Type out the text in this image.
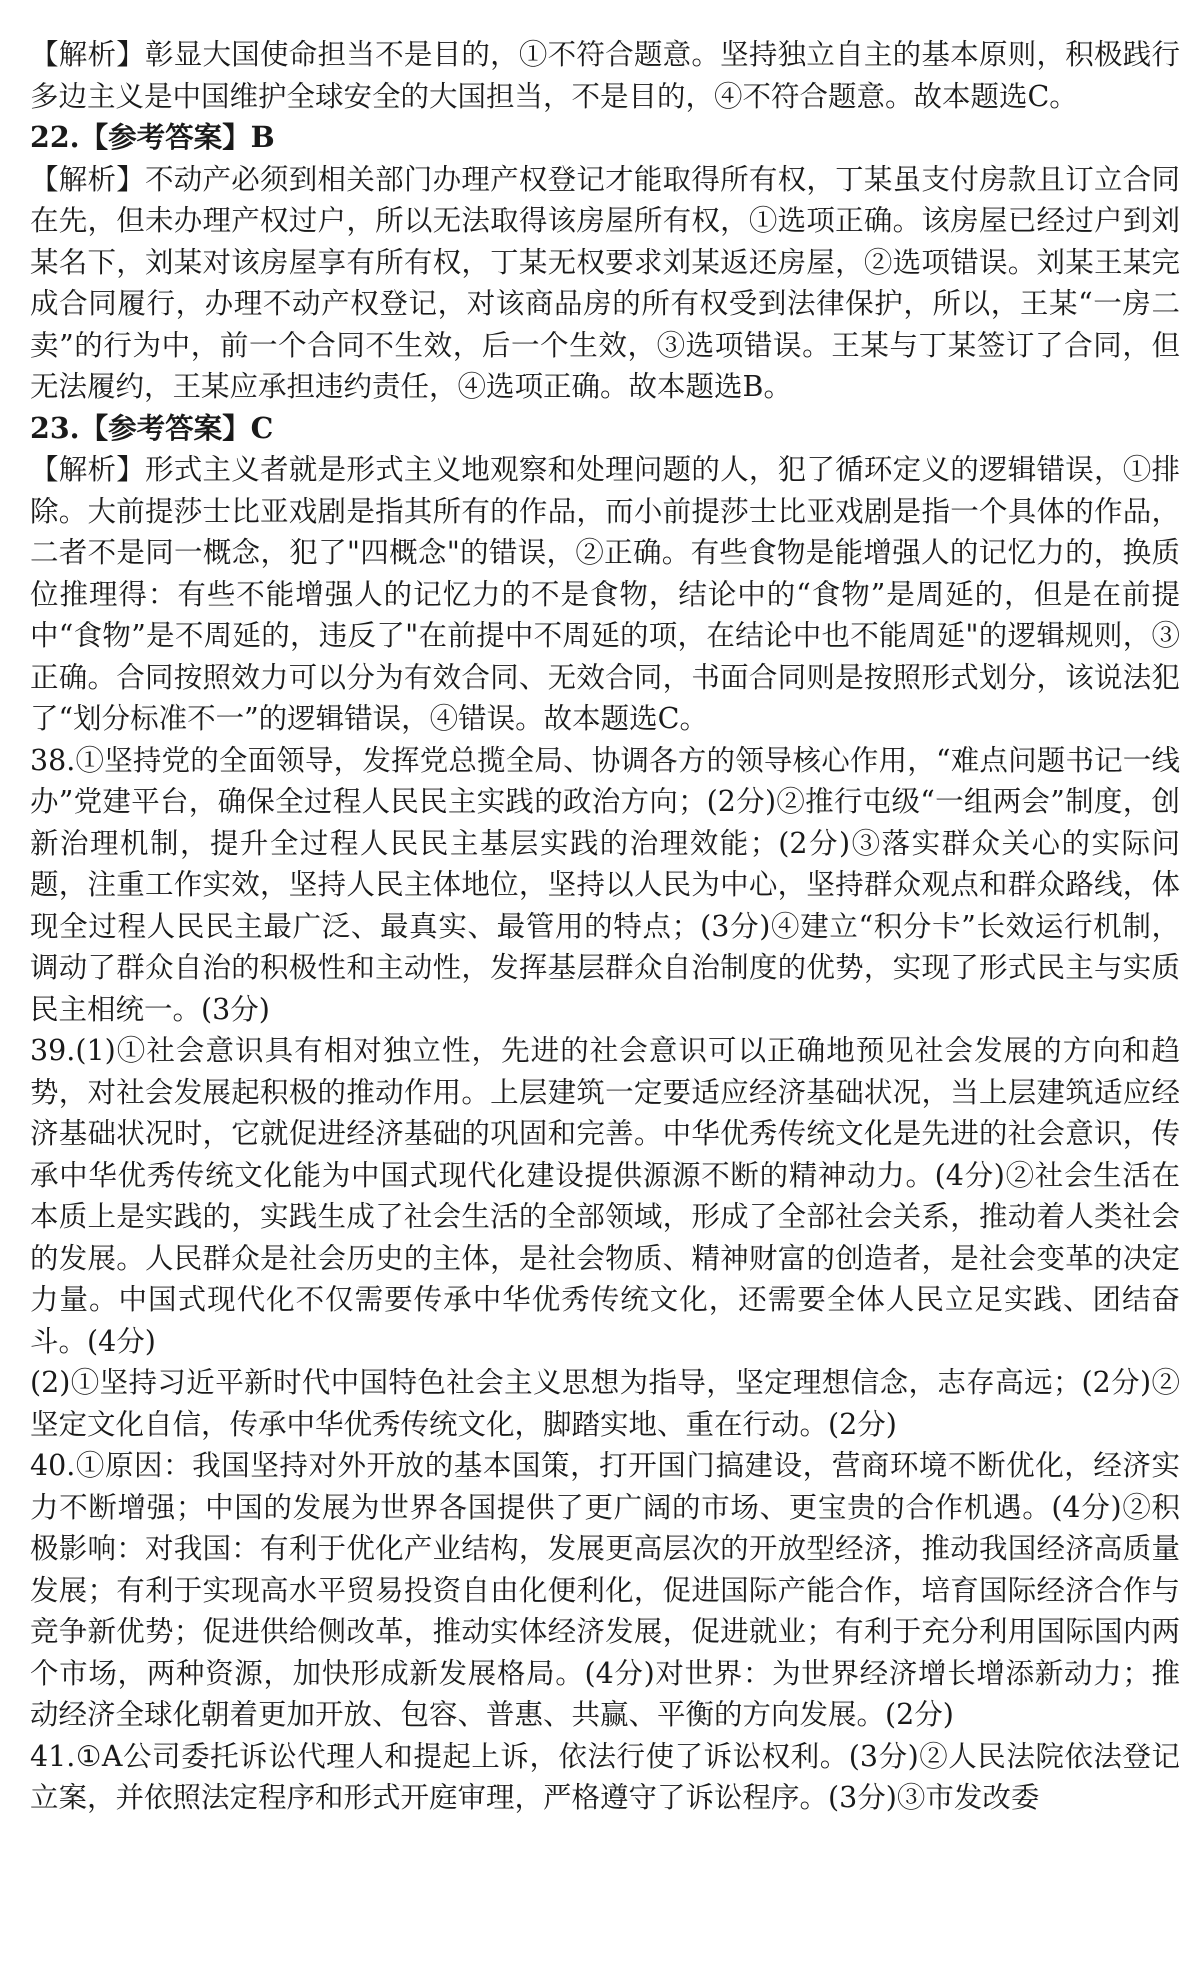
【解析】彰显大国使命担当不是目的，①不符合题意。坚持独立自主的基本原则，积极践行多边主义是中国维护全球安全的大国担当，不是目的，④不符合题意。故本题选C。

22.【参考答案】B

【解析】不动产必须到相关部门办理产权登记才能取得所有权，丁某虽支付房款且订立合同在先，但未办理产权过户，所以无法取得该房屋所有权，①选项正确。该房屋已经过户到刘某名下，刘某对该房屋享有所有权，丁某无权要求刘某返还房屋，②选项错误。刘某王某完成合同履行，办理不动产权登记，对该商品房的所有权受到法律保护，所以，王某“一房二卖”的行为中，前一个合同不生效，后一个生效，③选项错误。王某与丁某签订了合同，但无法履约，王某应承担违约责任，④选项正确。故本题选B。

23.【参考答案】C

【解析】形式主义者就是形式主义地观察和处理问题的人，犯了循环定义的逻辑错误，①排除。大前提莎士比亚戏剧是指其所有的作品，而小前提莎士比亚戏剧是指一个具体的作品，二者不是同一概念，犯了"四概念"的错误，②正确。有些食物是能增强人的记忆力的，换质位推理得：有些不能增强人的记忆力的不是食物，结论中的“食物”是周延的，但是在前提中“食物”是不周延的，违反了"在前提中不周延的项，在结论中也不能周延"的逻辑规则，③正确。合同按照效力可以分为有效合同、无效合同，书面合同则是按照形式划分，该说法犯了“划分标准不一”的逻辑错误，④错误。故本题选C。

38.①坚持党的全面领导，发挥党总揽全局、协调各方的领导核心作用，“难点问题书记一线办”党建平台，确保全过程人民民主实践的政治方向；(2分)②推行屯级“一组两会”制度，创新治理机制，提升全过程人民民主基层实践的治理效能；(2分)③落实群众关心的实际问题，注重工作实效，坚持人民主体地位，坚持以人民为中心，坚持群众观点和群众路线，体现全过程人民民主最广泛、最真实、最管用的特点；(3分)④建立“积分卡”长效运行机制，调动了群众自治的积极性和主动性，发挥基层群众自治制度的优势，实现了形式民主与实质民主相统一。(3分)

39.(1)①社会意识具有相对独立性，先进的社会意识可以正确地预见社会发展的方向和趋势，对社会发展起积极的推动作用。上层建筑一定要适应经济基础状况，当上层建筑适应经济基础状况时，它就促进经济基础的巩固和完善。中华优秀传统文化是先进的社会意识，传承中华优秀传统文化能为中国式现代化建设提供源源不断的精神动力。(4分)②社会生活在本质上是实践的，实践生成了社会生活的全部领域，形成了全部社会关系，推动着人类社会的发展。人民群众是社会历史的主体，是社会物质、精神财富的创造者，是社会变革的决定力量。中国式现代化不仅需要传承中华优秀传统文化，还需要全体人民立足实践、团结奋斗。(4分)

(2)①坚持习近平新时代中国特色社会主义思想为指导，坚定理想信念，志存高远；(2分)②坚定文化自信，传承中华优秀传统文化，脚踏实地、重在行动。(2分)

40.①原因：我国坚持对外开放的基本国策，打开国门搞建设，营商环境不断优化，经济实力不断增强；中国的发展为世界各国提供了更广阔的市场、更宝贵的合作机遇。(4分)②积极影响：对我国：有利于优化产业结构，发展更高层次的开放型经济，推动我国经济高质量发展；有利于实现高水平贸易投资自由化便利化，促进国际产能合作，培育国际经济合作与竞争新优势；促进供给侧改革，推动实体经济发展，促进就业；有利于充分利用国际国内两个市场，两种资源，加快形成新发展格局。(4分)对世界：为世界经济增长增添新动力；推动经济全球化朝着更加开放、包容、普惠、共赢、平衡的方向发展。(2分)

41.①A公司委托诉讼代理人和提起上诉，依法行使了诉讼权利。(3分)②人民法院依法登记立案，并依照法定程序和形式开庭审理，严格遵守了诉讼程序。(3分)③市发改委
